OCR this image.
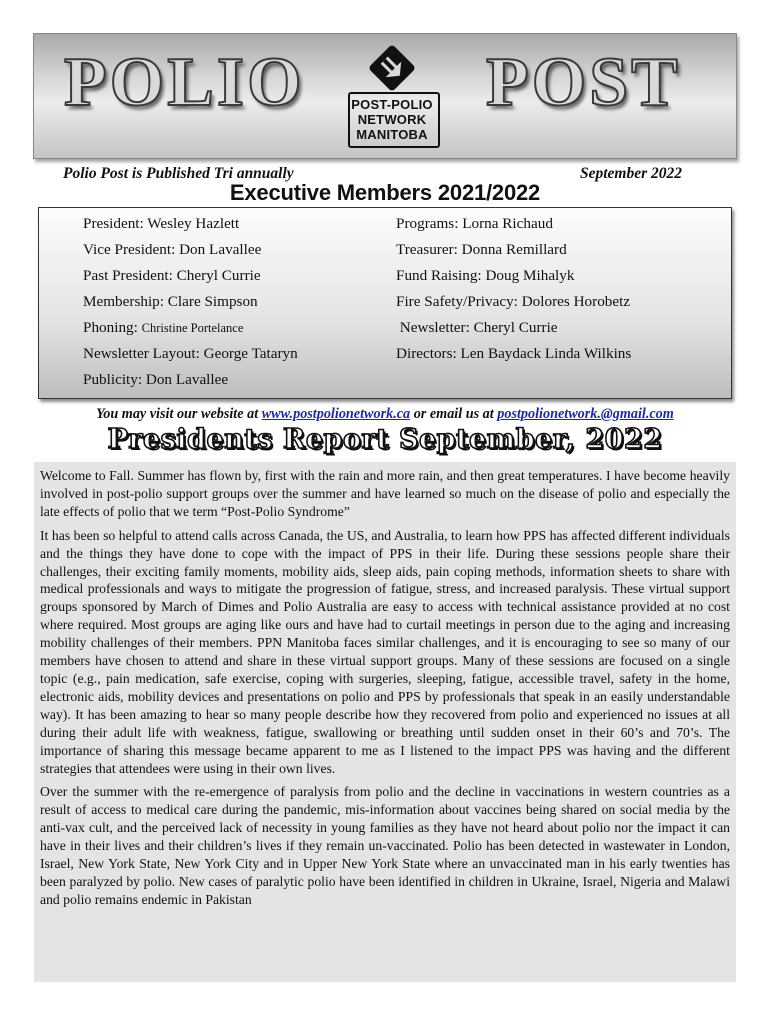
POLIO	POST-POLIO
NETWORK
MANITOBA
POST
Polio Post is Published Tri annually	September 2022
Executive Members 2021/2022
President: Wesley Hazlett
Vice President: Don Lavallee
Past President: Cheryl Currie
Membership: Clare Simpson
Phoning: Christine Portelance
Newsletter Layout: George Tataryn
Publicity: Don Lavallee
Programs: Lorna Richaud
Treasurer: Donna Remillard
Fund Raising: Doug Mihalyk
Fire Safety/Privacy: Dolores Horobetz
Newsletter: Cheryl Currie
Directors: Len Baydack Linda Wilkins
You may visit our website at www.postpolionetwork.ca or email us at postpolionetwork.@gmail.com
Presidents Report September, 2022

Welcome to Fall. Summer has flown by, first with the rain and more rain, and then great temperatures. I have become heavily involved in post-polio support groups over the summer and have learned so much on the disease of polio and especially the late effects of polio that we term “Post-Polio Syndrome”

It has been so helpful to attend calls across Canada, the US, and Australia, to learn how PPS has affected different individuals and the things they have done to cope with the impact of PPS in their life. During these sessions people share their challenges, their exciting family moments, mobility aids, sleep aids, pain coping methods, information sheets to share with medical professionals and ways to mitigate the progression of fatigue, stress, and increased paralysis. These virtual support groups sponsored by March of Dimes and Polio Australia are easy to access with technical assistance provided at no cost where required. Most groups are aging like ours and have had to curtail meetings in person due to the aging and increasing mobility challenges of their members. PPN Manitoba faces similar challenges, and it is encouraging to see so many of our members have chosen to attend and share in these virtual support groups. Many of these sessions are focused on a single topic (e.g., pain medication, safe exercise, coping with surgeries, sleeping, fatigue, accessible travel, safety in the home, electronic aids, mobility devices and presentations on polio and PPS by professionals that speak in an easily understandable way). It has been amazing to hear so many people describe how they recovered from polio and experienced no issues at all during their adult life with weakness, fatigue, swallowing or breathing until sudden onset in their 60’s and 70’s. The importance of sharing this message became apparent to me as I listened to the impact PPS was having and the different strategies that attendees were using in their own lives.

Over the summer with the re-emergence of paralysis from polio and the decline in vaccinations in western countries as a result of access to medical care during the pandemic, mis-information about vaccines being shared on social media by the anti-vax cult, and the perceived lack of necessity in young families as they have not heard about polio nor the impact it can have in their lives and their children’s lives if they remain un-vaccinated. Polio has been detected in wastewater in London, Israel, New York State, New York City and in Upper New York State where an unvaccinated man in his early twenties has been paralyzed by polio. New cases of paralytic polio have been identified in children in Ukraine, Israel, Nigeria and Malawi and polio remains endemic in Pakistan
